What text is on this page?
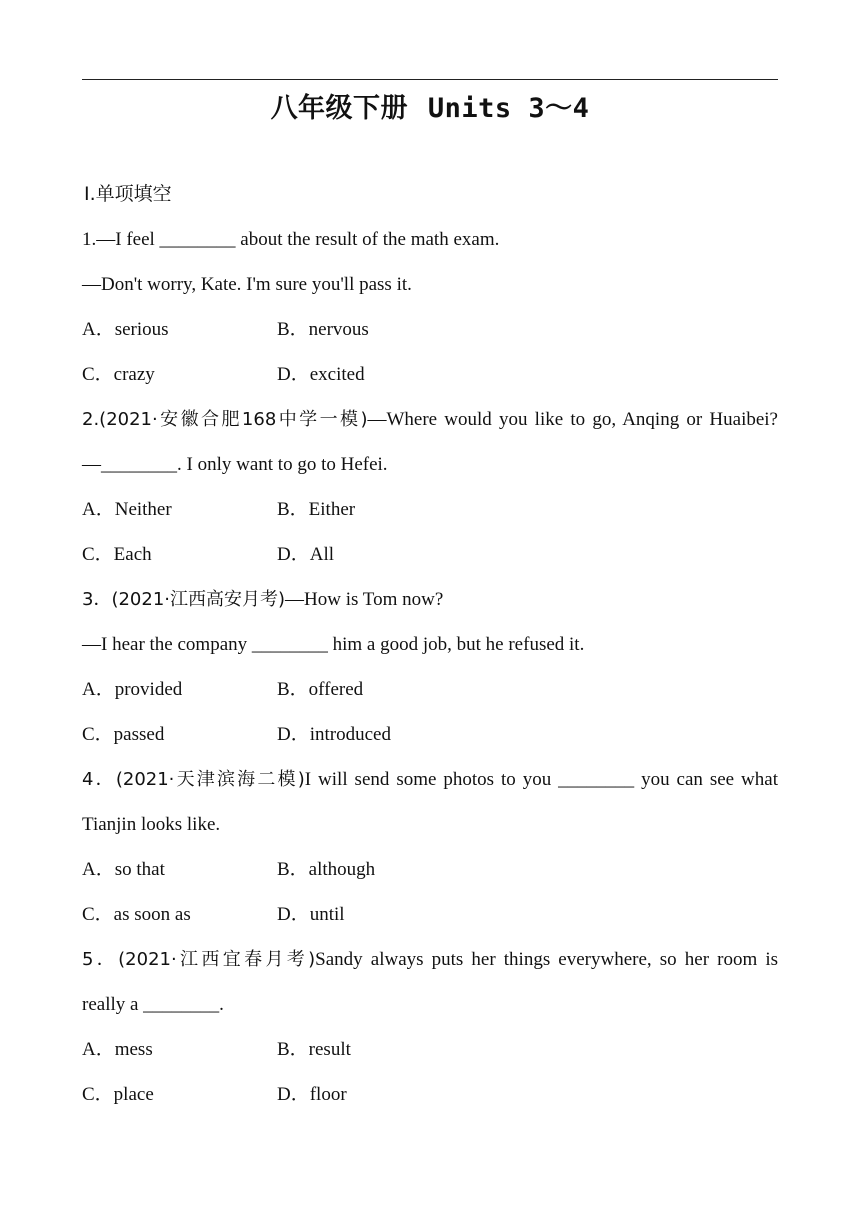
八年级下册 Units 3～4
Ⅰ.单项填空
1.—I feel ________ about the result of the math exam.
—Don't worry, Kate. I'm sure you'll pass it.
A．serious	B．nervous
C．crazy	D．excited
2.(2021·安徽合肥168中学一模)—Where would you like to go, Anqing or Huaibei?
—________. I only want to go to Hefei.
A．Neither	B．Either
C．Each	D．All
3．(2021·江西高安月考)—How is Tom now?
—I hear the company ________ him a good job, but he refused it.
A．provided	B．offered
C．passed	D．introduced
4．(2021·天津滨海二模)I will send some photos to you ________ you can see what
Tianjin looks like.
A．so that	B．although
C．as soon as	D．until
5．(2021·江西宜春月考)Sandy always puts her things everywhere, so her room is
really a ________.
A．mess	B．result
C．place	D．floor
